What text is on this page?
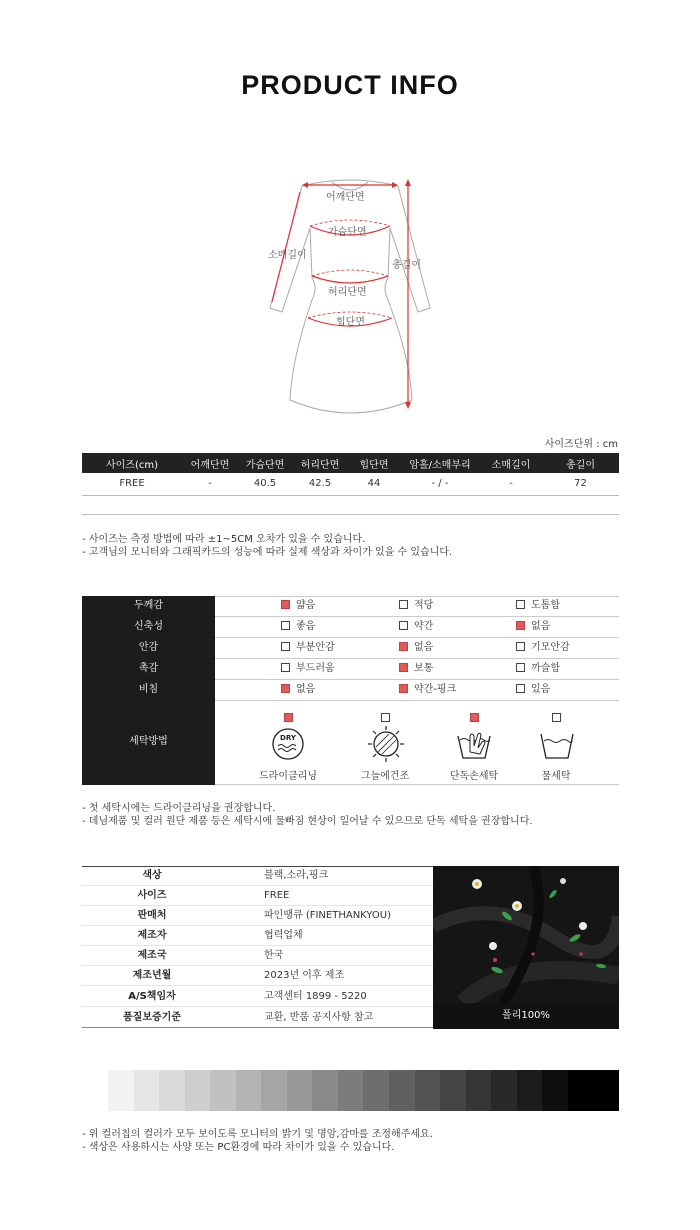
PRODUCT INFO
어깨단면
가슴단면
소매길이
총길이
허리단면
힙단면
사이즈단위 : cm
사이즈(cm)	어깨단면	가슴단면	허리단면	힙단면	암홀/소매부리	소매길이	총길이
FREE	-	40.5	42.5	44	- / -	-	72
- 사이즈는 측정 방법에 따라 ±1~5CM 오차가 있을 수 있습니다.
- 고객님의 모니터와 그래픽카드의 성능에 따라 실제 색상과 차이가 있을 수 있습니다.
두께감	얇음	적당	도톰함
신축성	좋음	약간	없음
안감	부분안감	없음	기모안감
촉감	부드러움	보통	까슬함
비침	없음	약간-핑크	있음
세탁방법	DRY
드라이클리닝	그늘에건조	단독손세탁	물세탁
- 첫 세탁시에는 드라이클리닝을 권장합니다.
- 데님제품 및 컬러 원단 제품 등은 세탁시에 물빠짐 현상이 일어날 수 있으므로 단독 세탁을 권장합니다.
색상	블랙,소라,핑크
사이즈	FREE
판매처	파인땡큐 (FINETHANKYOU)
제조자	협력업체
제조국	한국
제조년월	2023년 이후 제조
A/S책임자	고객센터 1899 - 5220
품질보증기준	교환, 반품 공지사항 참고	폴리100%
- 위 컬러칩의 컬러가 모두 보이도록 모니터의 밝기 및 명암,감마를 조정해주세요.
- 색상은 사용하시는 사양 또는 PC환경에 따라 차이가 있을 수 있습니다.
